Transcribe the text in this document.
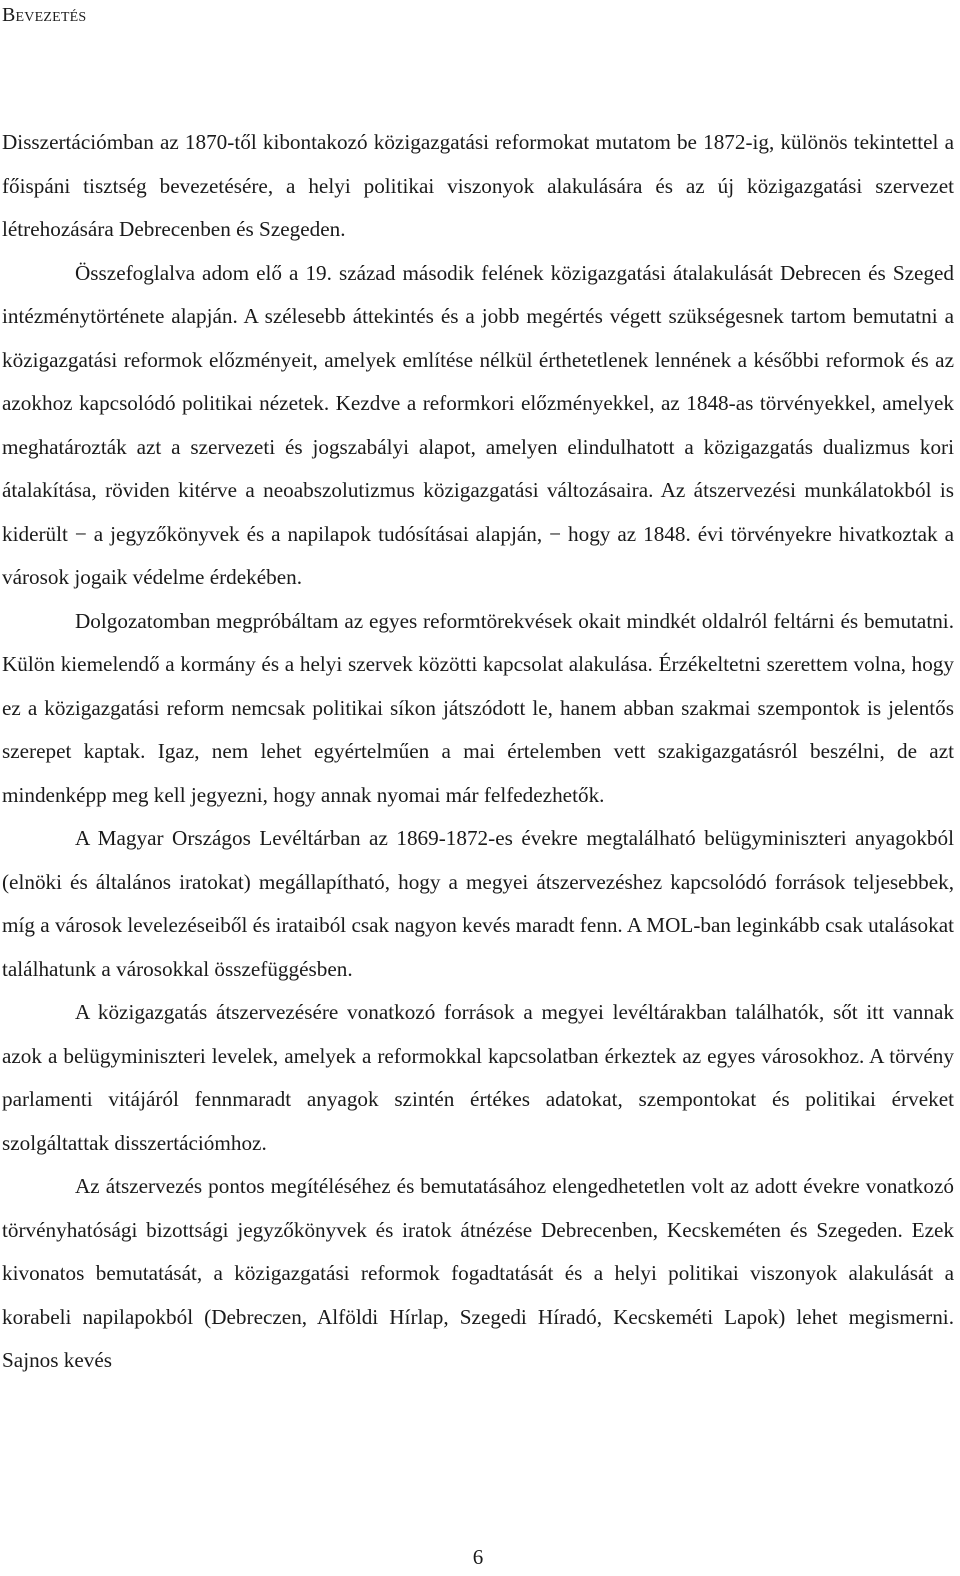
Bevezetés

Disszertációmban az 1870-től kibontakozó közigazgatási reformokat mutatom be 1872-ig, különös tekintettel a főispáni tisztség bevezetésére, a helyi politikai viszonyok alakulására és az új közigazgatási szervezet létrehozására Debrecenben és Szegeden.

Összefoglalva adom elő a 19. század második felének közigazgatási átalakulását Debrecen és Szeged intézménytörténete alapján. A szélesebb áttekintés és a jobb megértés végett szükségesnek tartom bemutatni a közigazgatási reformok előzményeit, amelyek említése nélkül érthetetlenek lennének a későbbi reformok és az azokhoz kapcsolódó politikai nézetek. Kezdve a reformkori előzményekkel, az 1848-as törvényekkel, amelyek meghatározták azt a szervezeti és jogszabályi alapot, amelyen elindulhatott a közigazgatás dualizmus kori átalakítása, röviden kitérve a neoabszolutizmus közigazgatási változásaira. Az átszervezési munkálatokból is kiderült − a jegyzőkönyvek és a napilapok tudósításai alapján, − hogy az 1848. évi törvényekre hivatkoztak a városok jogaik védelme érdekében.

Dolgozatomban megpróbáltam az egyes reformtörekvések okait mindkét oldalról feltárni és bemutatni. Külön kiemelendő a kormány és a helyi szervek közötti kapcsolat alakulása. Érzékeltetni szerettem volna, hogy ez a közigazgatási reform nemcsak politikai síkon játszódott le, hanem abban szakmai szempontok is jelentős szerepet kaptak. Igaz, nem lehet egyértelműen a mai értelemben vett szakigazgatásról beszélni, de azt mindenképp meg kell jegyezni, hogy annak nyomai már felfedezhetők.

A Magyar Országos Levéltárban az 1869-1872-es évekre megtalálható belügyminiszteri anyagokból (elnöki és általános iratokat) megállapítható, hogy a megyei átszervezéshez kapcsolódó források teljesebbek, míg a városok levelezéseiből és irataiból csak nagyon kevés maradt fenn. A MOL-ban leginkább csak utalásokat találhatunk a városokkal összefüggésben.

A közigazgatás átszervezésére vonatkozó források a megyei levéltárakban találhatók, sőt itt vannak azok a belügyminiszteri levelek, amelyek a reformokkal kapcsolatban érkeztek az egyes városokhoz. A törvény parlamenti vitájáról fennmaradt anyagok szintén értékes adatokat, szempontokat és politikai érveket szolgáltattak disszertációmhoz.

Az átszervezés pontos megítéléséhez és bemutatásához elengedhetetlen volt az adott évekre vonatkozó törvényhatósági bizottsági jegyzőkönyvek és iratok átnézése Debrecenben, Kecskeméten és Szegeden. Ezek kivonatos bemutatását, a közigazgatási reformok fogadtatását és a helyi politikai viszonyok alakulását a korabeli napilapokból (Debreczen, Alföldi Hírlap, Szegedi Híradó, Kecskeméti Lapok) lehet megismerni. Sajnos kevés

6
